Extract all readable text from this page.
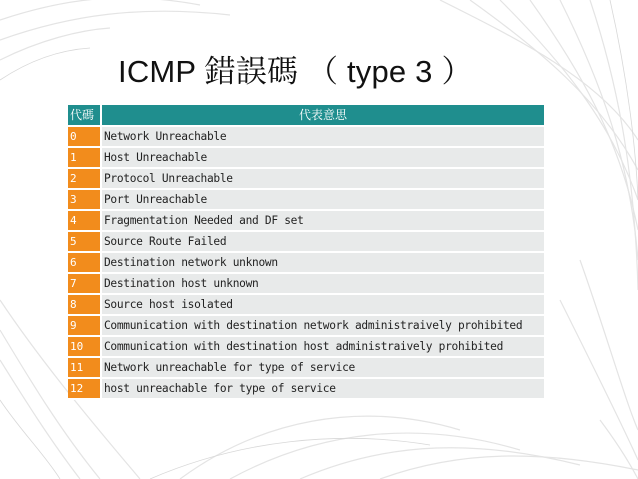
ICMP 錯誤碼 （ type 3 ）
代碼	代表意思
0	Network Unreachable
1	Host Unreachable
2	Protocol Unreachable
3	Port Unreachable
4	Fragmentation Needed and DF set
5	Source Route Failed
6	Destination network unknown
7	Destination host unknown
8	Source host isolated
9	Communication with destination network administraively prohibited
10	Communication with destination host administraively prohibited
11	Network unreachable for type of service
12	host unreachable for type of service
